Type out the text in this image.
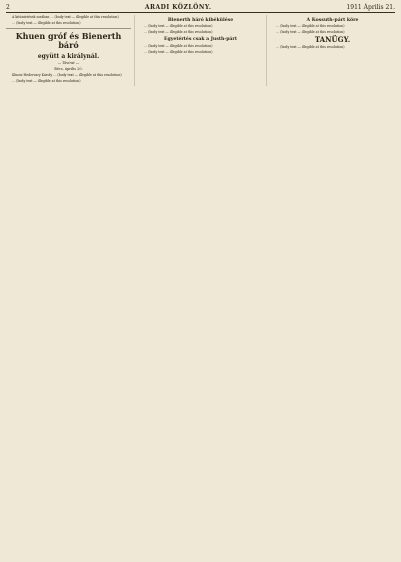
2	ARADI KÖZLÖNY.	1911 Április 21.

A kitüntetések sorában ... (body text — illegible at this resolution)

… (body text — illegible at this resolution)

Khuen gróf és Bienerth báró
együtt a királynál.
— Távirat —
Bécs, április 20.

Khuen-Hedervary Károly … (body text — illegible at this resolution)

… (body text — illegible at this resolution)

Bienerth báró kibékülése

… (body text — illegible at this resolution)

… (body text — illegible at this resolution)

Egyetértés csak a Justh-párt

… (body text — illegible at this resolution)

… (body text — illegible at this resolution)

A Kossuth-párt köre

… (body text — illegible at this resolution)

… (body text — illegible at this resolution)

TANÜGY.

… (body text — illegible at this resolution)
